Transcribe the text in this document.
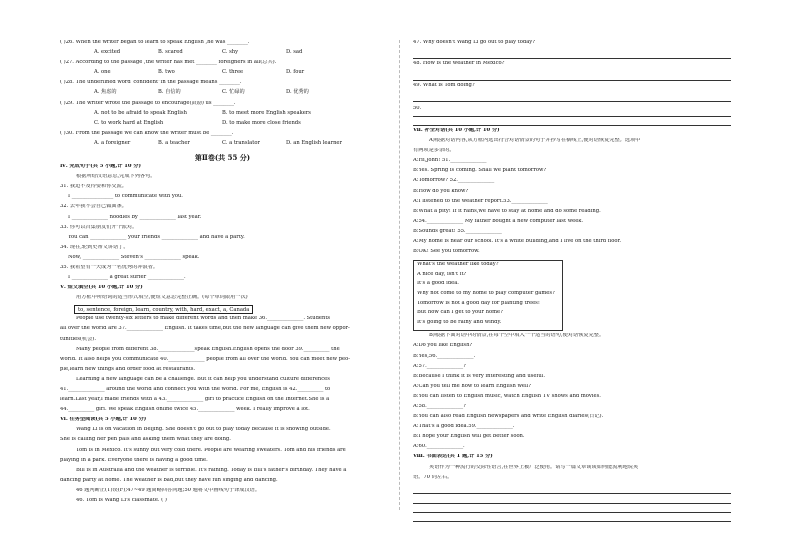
( )26. When the writer began to learn to speak English ,he was ________.
A. excited	B. scared	C. shy	D. sad
( )27. According to the passage ,the writer has met ________ foreigners in all(总共).
A. one	B. two	C. three	D. four
( )28. The underlined word“confident”in the passage means ________.
A. 焦虑的	B. 自信的	C. 忙碌的	D. 优秀的
( )29. The writer wrote the passage to encourage(鼓励) us ________.
A. not to be afraid to speak English	B. to meet more English speakers
C. to work hard at English	D. to make more close friends
( )30. From the passage we can know the writer must be ________.
A. a foreigner	B. a teacher	C. a translator	D. an English learner
第Ⅱ卷(共 55 分)
Ⅳ. 完成句子(共 5 小题,计 10 分)
根据所给汉语意思,完成下列各句。
31. 我迫不及待要和你交流。
I ________________ to communicate with you.
32. 去年我不会自己做面条。
I ______________ noodles by ______________ last year.
33. 你可以召集朋友们开个派对。
You can ______________ your friends ______________ and have a party.
34. 现在,轮到史蒂文讲话了。
Now, ______________ Steven's ______________ speak.
35. 我希望有一天成为一名优秀的冲浪者。
I ______________ a great surfer ______________.
Ⅴ. 短文填空(共 10 小题,计 10 分)
用方框中所给词的适当形式填空,使短文意思完整正确。(每个单词限用一次)
to, sentence, foreign, learn, country, with, hard, exact, a, Canada
People use twenty-six letters to make different words and then make 36.______________. Students
all over the world are 37.______________ English. It takes time,but the new language can give them new oppor-
tunities(机会).
Many people from different 38.______________speak English.English opens the door 39.__________ the
world. It also helps you communicate 40.______________ people from all over the world. You can meet new peo-
ple,learn new things and order food at restaurants.
Learning a new language can be a challenge. But it can help you understand culture differences
41.______________ around the world and connect you with the world. For me, English is 42.__________ to
learn.Last year,I made friends with a 43.______________ girl to practice English on the Internet.She is a
44.__________ girl. We speak English online twice 45.______________ week. I really improve a lot.
Ⅵ. 任务型阅读(共 5 小题,计 10 分)
Wang Li is on vacation in Beijing. She doesn't go out to play today because it is snowing outside.
She is calling her pen pals and asking them what they are doing.
Tom is in Mexico. It's sunny but very cold there. People are wearing sweaters. Tom and his friends are
playing in a park. Everyone there is having a good time.
Bill is in Australia and the weather is terrible. It's raining. Today is Bill's father's birthday. They have a
dancing party at home. The weather is bad,but they have fun singing and dancing.
46 题判断正(T)误(F);47~49 题简略回答问题;50 题将文中画线句子译成汉语。
46. Tom is Wang Li's classmate. ( )
47. Why doesn't Wang Li go out to play today?
48. How is the weather in Mexico?
49. What is Tom doing?
50.
Ⅶ. 补全对话(共 10 小题,计 10 分)
A)根据对话内容,从方框内选出符合对话情景的句子并抄写在横线上,使对话恢复完整。选项中
有两项是多余的。
A:Hi,John! 51.______________
B:Yes. Spring is coming. Shall we plant tomorrow?
A:Tomorrow? 52.______________
B:How do you know?
A:I listened to the weather report.53.______________
B:What a pity! If it rains,we have to stay at home and do some reading.
A:54.______________ My father bought a new computer last week.
B:Sounds great! 55.______________
A:My home is near our school. It's a white building,and I live on the third floor.
B:OK! See you tomorrow.
What's the weather like today?
A nice day, isn't it?
It's a good idea.
Why not come to my home to play computer games?
Tomorrow is not a good day for planting trees!
But how can I get to your home?
It's going to be rainy and windy.
B)根据下面对话中的情景,在每个空中填入一个适当的语句,使对话恢复完整。
A:Do you like English?
B:Yes,56.______________.
A:57.______________?
B:Because I think it is very interesting and useful.
A:Can you tell me how to learn English well?
B:You can listen to English music, watch English TV shows and movies.
A:58.______________?
B:You can also read English newspapers and write English diaries(日记).
A:That's a good idea.59.______________.
B:I hope your English will get better soon.
A:60.______________.
Ⅷ. 书面表达(共 1 题,计 15 分)
英语作为一种流行的交际性语言,在世界上被广泛使用。请写一篇文章谈谈如何能流利地说英
语。70 词左右。
